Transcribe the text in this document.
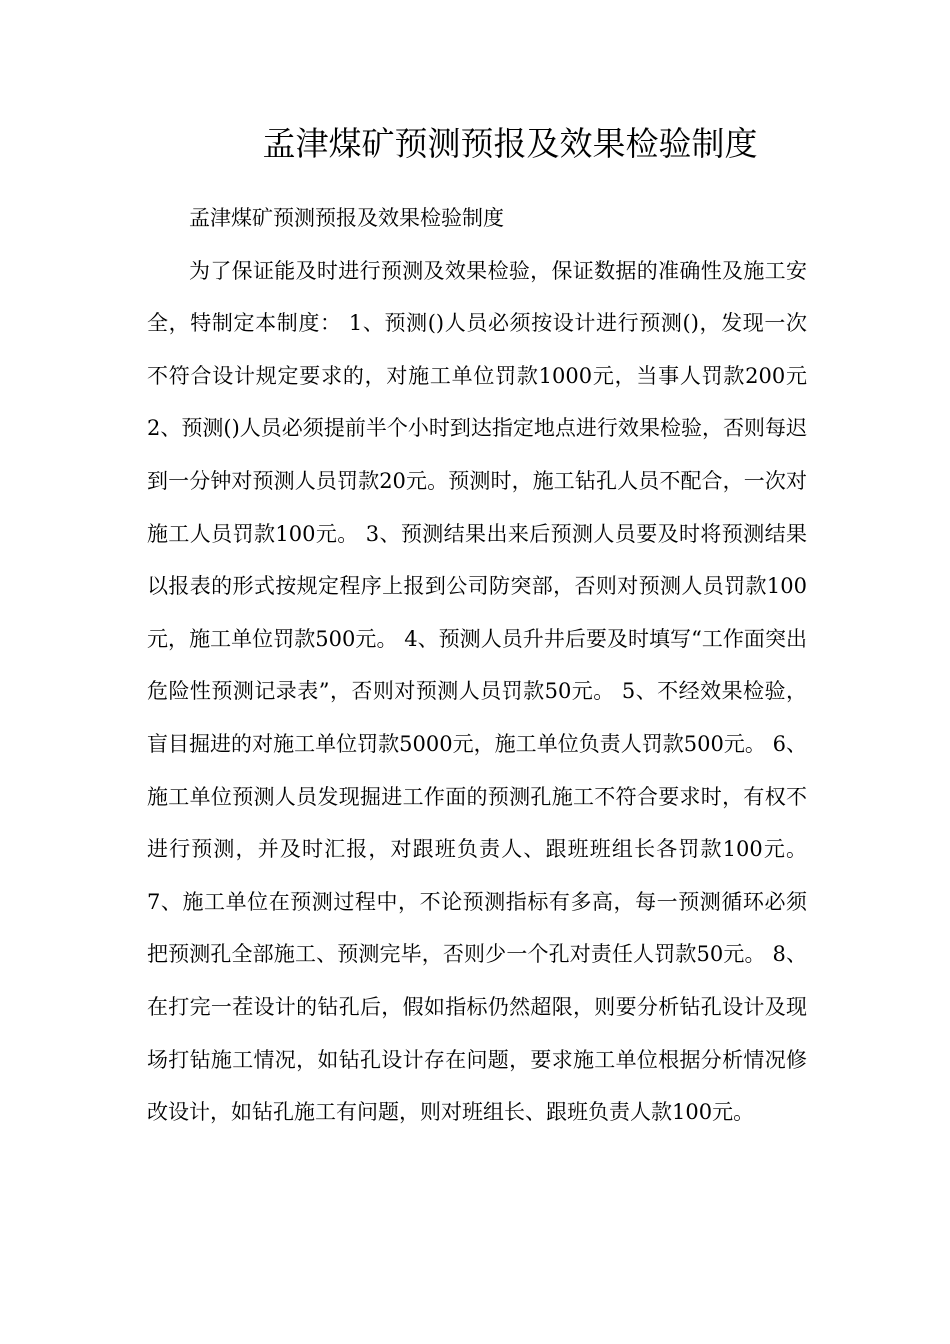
孟津煤矿预测预报及效果检验制度

孟津煤矿预测预报及效果检验制度

为了保证能及时进行预测及效果检验，保证数据的准确性及施工安全，特制定本制度： 1、预测()人员必须按设计进行预测()，发现一次不符合设计规定要求的，对施工单位罚款1000元，当事人罚款200元 2、预测()人员必须提前半个小时到达指定地点进行效果检验，否则每迟到一分钟对预测人员罚款20元。预测时，施工钻孔人员不配合，一次对施工人员罚款100元。 3、预测结果出来后预测人员要及时将预测结果以报表的形式按规定程序上报到公司防突部，否则对预测人员罚款100元，施工单位罚款500元。 4、预测人员升井后要及时填写“工作面突出危险性预测记录表”，否则对预测人员罚款50元。 5、不经效果检验，盲目掘进的对施工单位罚款5000元，施工单位负责人罚款500元。 6、施工单位预测人员发现掘进工作面的预测孔施工不符合要求时，有权不进行预测，并及时汇报，对跟班负责人、跟班班组长各罚款100元。 7、施工单位在预测过程中，不论预测指标有多高，每一预测循环必须把预测孔全部施工、预测完毕，否则少一个孔对责任人罚款50元。 8、在打完一茬设计的钻孔后，假如指标仍然超限，则要分析钻孔设计及现场打钻施工情况，如钻孔设计存在问题，要求施工单位根据分析情况修改设计，如钻孔施工有问题，则对班组长、跟班负责人款100元。
